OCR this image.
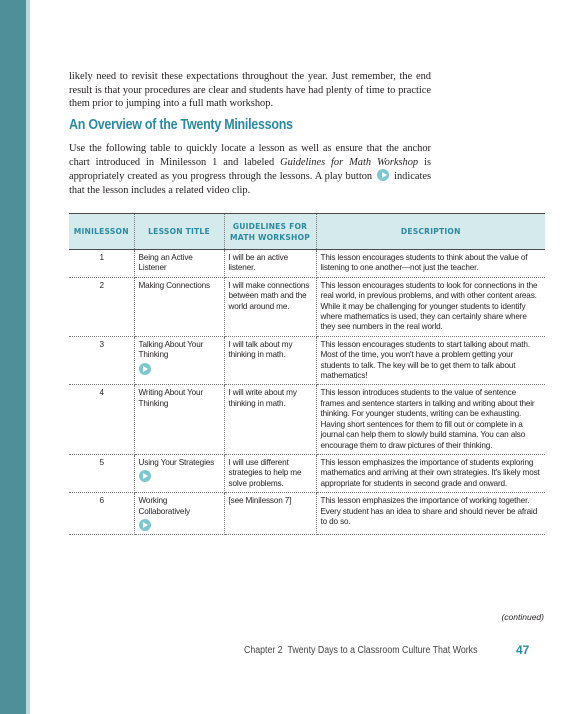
likely need to revisit these expectations throughout the year. Just remember, the end result is that your procedures are clear and students have had plenty of time to practice them prior to jumping into a full math workshop.

An Overview of the Twenty Minilessons

Use the following table to quickly locate a lesson as well as ensure that the anchor chart introduced in Minilesson 1 and labeled Guidelines for Math Workshop is appropriately created as you progress through the lessons. A play button  indicates that the lesson includes a related video clip.

MINILESSON	LESSON TITLE	GUIDELINES FOR MATH WORKSHOP	DESCRIPTION
1	Being an Active Listener	I will be an active listener.	This lesson encourages students to think about the value of listening to one another—not just the teacher.
2	Making Connections	I will make connections between math and the world around me.	This lesson encourages students to look for connections in the real world, in previous problems, and with other content areas. While it may be challenging for younger students to identify where mathematics is used, they can certainly share where they see numbers in the real world.
3	Talking About Your Thinking	I will talk about my thinking in math.	This lesson encourages students to start talking about math. Most of the time, you won't have a problem getting your students to talk. The key will be to get them to talk about mathematics!
4	Writing About Your Thinking	I will write about my thinking in math.	This lesson introduces students to the value of sentence frames and sentence starters in talking and writing about their thinking. For younger students, writing can be exhausting. Having short sentences for them to fill out or complete in a journal can help them to slowly build stamina. You can also encourage them to draw pictures of their thinking.
5	Using Your Strategies	I will use different strategies to help me solve problems.	This lesson emphasizes the importance of students exploring mathematics and arriving at their own strategies. It's likely most appropriate for students in second grade and onward.
6	Working Collaboratively	[see Minilesson 7]	This lesson emphasizes the importance of working together. Every student has an idea to share and should never be afraid to do so.
(continued)
Chapter 2 Twenty Days to a Classroom Culture That Works	47
